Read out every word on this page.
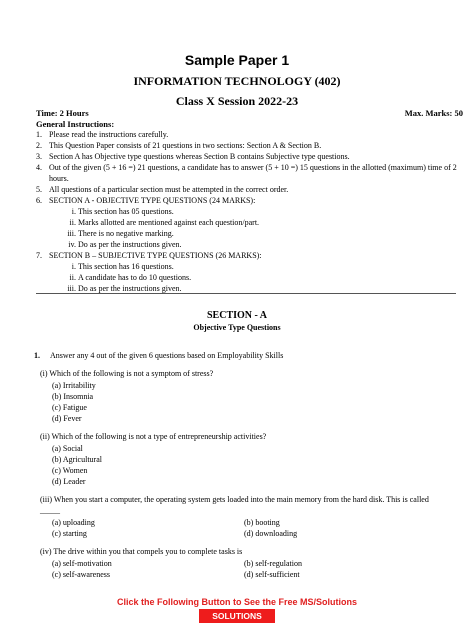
Sample Paper 1
INFORMATION TECHNOLOGY (402)
Class X Session 2022-23
Time: 2 Hours	Max. Marks: 50
General Instructions:
1. Please read the instructions carefully.
2. This Question Paper consists of 21 questions in two sections: Section A & Section B.
3. Section A has Objective type questions whereas Section B contains Subjective type questions.
4. Out of the given (5 + 16 =) 21 questions, a candidate has to answer (5 + 10 =) 15 questions in the allotted (maximum) time of 2 hours.
5. All questions of a particular section must be attempted in the correct order.
6. SECTION A - OBJECTIVE TYPE QUESTIONS (24 MARKS):
i. This section has 05 questions.
ii. Marks allotted are mentioned against each question/part.
iii. There is no negative marking.
iv. Do as per the instructions given.
7. SECTION B – SUBJECTIVE TYPE QUESTIONS (26 MARKS):
i. This section has 16 questions.
ii. A candidate has to do 10 questions.
iii. Do as per the instructions given.
SECTION - A
Objective Type Questions
1. Answer any 4 out of the given 6 questions based on Employability Skills
(i) Which of the following is not a symptom of stress?
(a) Irritability
(b) Insomnia
(c) Fatigue
(d) Fever
(ii) Which of the following is not a type of entrepreneurship activities?
(a) Social
(b) Agricultural
(c) Women
(d) Leader
(iii) When you start a computer, the operating system gets loaded into the main memory from the hard disk. This is called _____
(a) uploading	(b) booting
(c) starting	(d) downloading
(iv) The drive within you that compels you to complete tasks is
(a) self-motivation	(b) self-regulation
(c) self-awareness	(d) self-sufficient
Click the Following Button to See the Free MS/Solutions
SOLUTIONS
